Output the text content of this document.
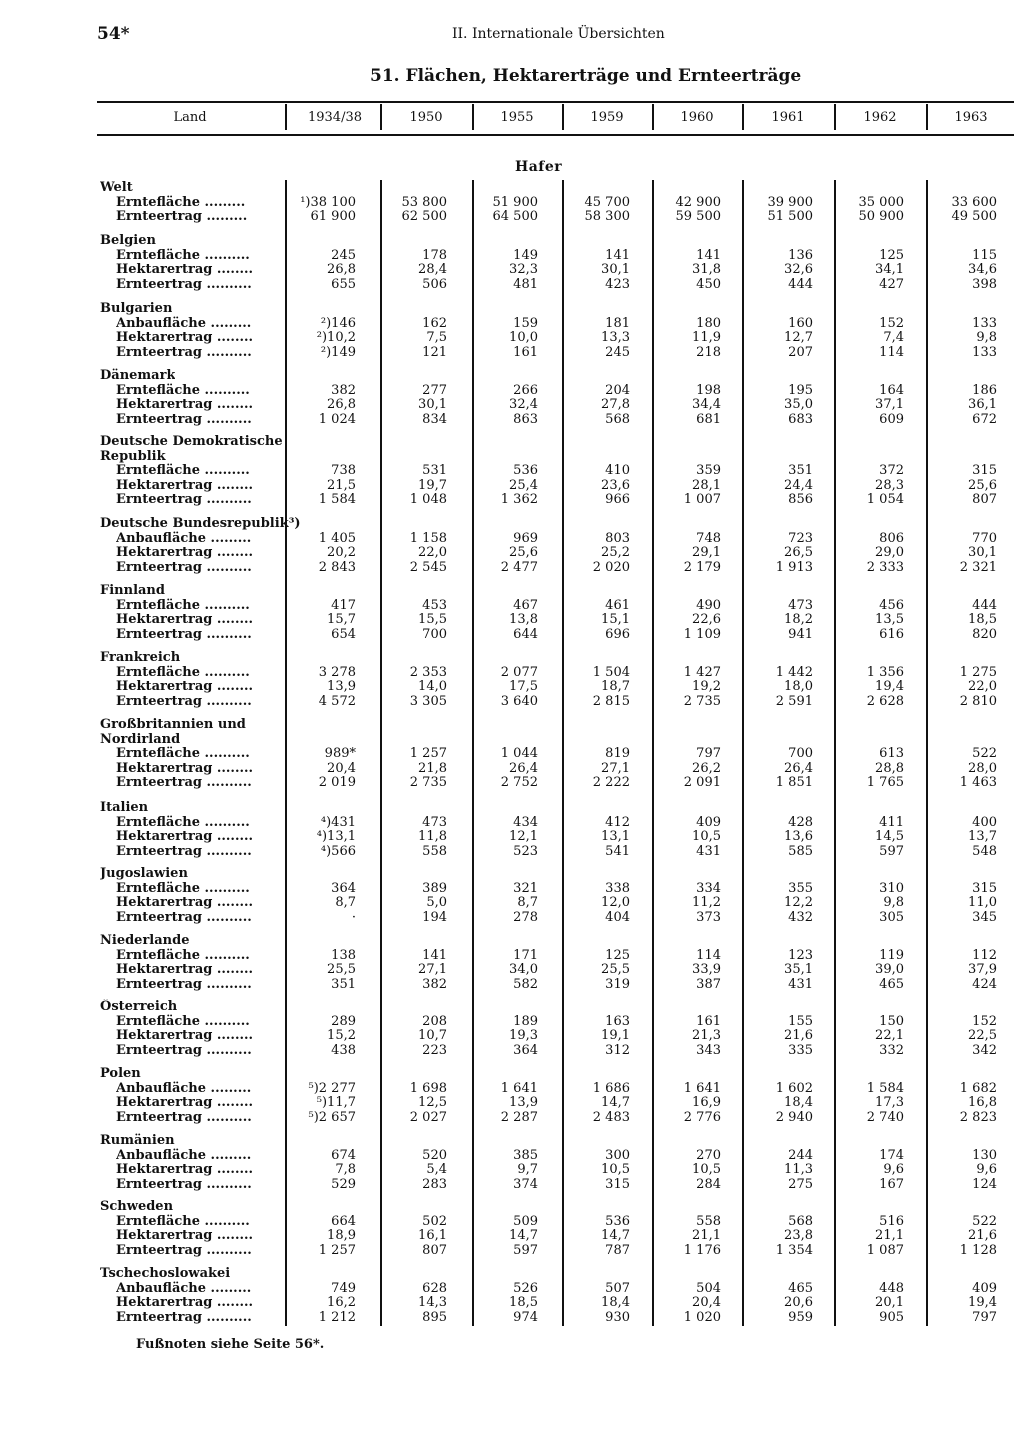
54*	II. Internationale Übersichten
51. Flächen, Hektarerträge und Ernteerträge
Land	1934/38	1950	1955	1959	1960	1961	1962	1963
Hafer
Welt
Erntefläche .........	¹)38 100	53 800	51 900	45 700	42 900	39 900	35 000	33 600
Ernteertrag .........	61 900	62 500	64 500	58 300	59 500	51 500	50 900	49 500
Belgien
Erntefläche ..........	245	178	149	141	141	136	125	115
Hektarertrag ........	26,8	28,4	32,3	30,1	31,8	32,6	34,1	34,6
Ernteertrag ..........	655	506	481	423	450	444	427	398
Bulgarien
Anbaufläche .........	²)146	162	159	181	180	160	152	133
Hektarertrag ........	²)10,2	7,5	10,0	13,3	11,9	12,7	7,4	9,8
Ernteertrag ..........	²)149	121	161	245	218	207	114	133
Dänemark
Erntefläche ..........	382	277	266	204	198	195	164	186
Hektarertrag ........	26,8	30,1	32,4	27,8	34,4	35,0	37,1	36,1
Ernteertrag ..........	1 024	834	863	568	681	683	609	672
Deutsche Demokratische
Republik
Erntefläche ..........	738	531	536	410	359	351	372	315
Hektarertrag ........	21,5	19,7	25,4	23,6	28,1	24,4	28,3	25,6
Ernteertrag ..........	1 584	1 048	1 362	966	1 007	856	1 054	807
Deutsche Bundesrepublik³)
Anbaufläche .........	1 405	1 158	969	803	748	723	806	770
Hektarertrag ........	20,2	22,0	25,6	25,2	29,1	26,5	29,0	30,1
Ernteertrag ..........	2 843	2 545	2 477	2 020	2 179	1 913	2 333	2 321
Finnland
Erntefläche ..........	417	453	467	461	490	473	456	444
Hektarertrag ........	15,7	15,5	13,8	15,1	22,6	18,2	13,5	18,5
Ernteertrag ..........	654	700	644	696	1 109	941	616	820
Frankreich
Erntefläche ..........	3 278	2 353	2 077	1 504	1 427	1 442	1 356	1 275
Hektarertrag ........	13,9	14,0	17,5	18,7	19,2	18,0	19,4	22,0
Ernteertrag ..........	4 572	3 305	3 640	2 815	2 735	2 591	2 628	2 810
Großbritannien und
Nordirland
Erntefläche ..........	989*	1 257	1 044	819	797	700	613	522
Hektarertrag ........	20,4	21,8	26,4	27,1	26,2	26,4	28,8	28,0
Ernteertrag ..........	2 019	2 735	2 752	2 222	2 091	1 851	1 765	1 463
Italien
Erntefläche ..........	⁴)431	473	434	412	409	428	411	400
Hektarertrag ........	⁴)13,1	11,8	12,1	13,1	10,5	13,6	14,5	13,7
Ernteertrag ..........	⁴)566	558	523	541	431	585	597	548
Jugoslawien
Erntefläche ..........	364	389	321	338	334	355	310	315
Hektarertrag ........	8,7	5,0	8,7	12,0	11,2	12,2	9,8	11,0
Ernteertrag ..........	·	194	278	404	373	432	305	345
Niederlande
Erntefläche ..........	138	141	171	125	114	123	119	112
Hektarertrag ........	25,5	27,1	34,0	25,5	33,9	35,1	39,0	37,9
Ernteertrag ..........	351	382	582	319	387	431	465	424
Österreich
Erntefläche ..........	289	208	189	163	161	155	150	152
Hektarertrag ........	15,2	10,7	19,3	19,1	21,3	21,6	22,1	22,5
Ernteertrag ..........	438	223	364	312	343	335	332	342
Polen
Anbaufläche .........	⁵)2 277	1 698	1 641	1 686	1 641	1 602	1 584	1 682
Hektarertrag ........	⁵)11,7	12,5	13,9	14,7	16,9	18,4	17,3	16,8
Ernteertrag ..........	⁵)2 657	2 027	2 287	2 483	2 776	2 940	2 740	2 823
Rumänien
Anbaufläche .........	674	520	385	300	270	244	174	130
Hektarertrag ........	7,8	5,4	9,7	10,5	10,5	11,3	9,6	9,6
Ernteertrag ..........	529	283	374	315	284	275	167	124
Schweden
Erntefläche ..........	664	502	509	536	558	568	516	522
Hektarertrag ........	18,9	16,1	14,7	14,7	21,1	23,8	21,1	21,6
Ernteertrag ..........	1 257	807	597	787	1 176	1 354	1 087	1 128
Tschechoslowakei
Anbaufläche .........	749	628	526	507	504	465	448	409
Hektarertrag ........	16,2	14,3	18,5	18,4	20,4	20,6	20,1	19,4
Ernteertrag ..........	1 212	895	974	930	1 020	959	905	797
Fußnoten siehe Seite 56*.
